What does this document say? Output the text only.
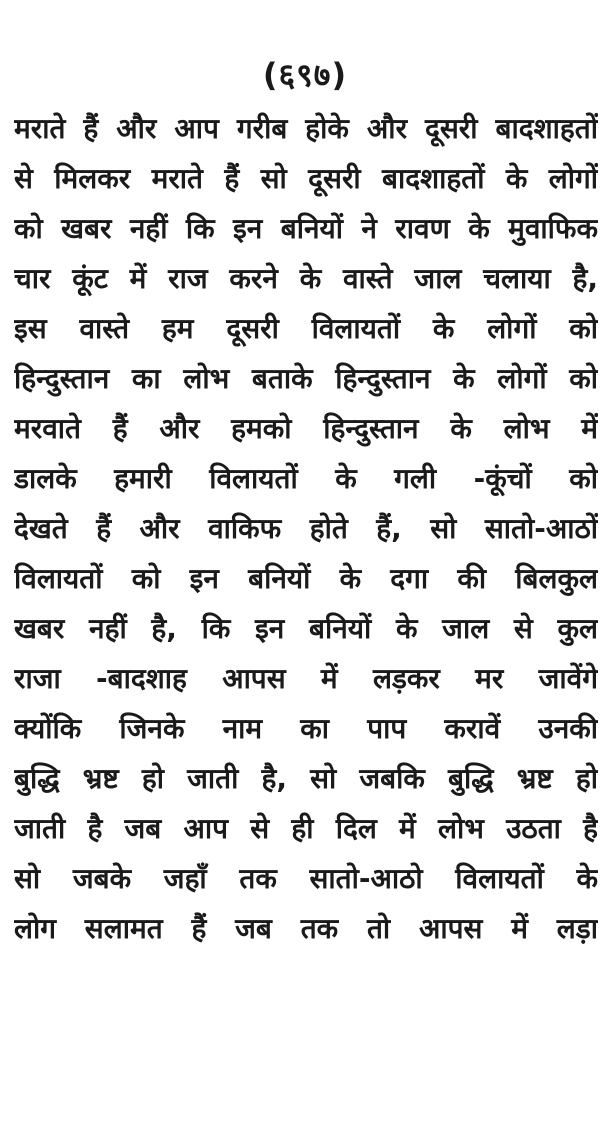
(६९७)
मराते हैं और आप गरीब होके और दूसरी बादशाहतों
से मिलकर मराते हैं सो दूसरी बादशाहतों के लोगों
को खबर नहीं कि इन बनियों ने रावण के मुवाफिक
चार कूंट में राज करने के वास्ते जाल चलाया है,
इस वास्ते हम दूसरी विलायतों के लोगों को
हिन्दुस्तान का लोभ बताके हिन्दुस्तान के लोगों को
मरवाते हैं और हमको हिन्दुस्तान के लोभ में
डालके हमारी विलायतों के गली -कूंचों को
देखते हैं और वाकिफ होते हैं, सो सातो-आठों
विलायतों को इन बनियों के दगा की बिलकुल
खबर नहीं है, कि इन बनियों के जाल से कुल
राजा -बादशाह आपस में लड़कर मर जावेंगे
क्योंकि जिनके नाम का पाप करावें उनकी
बुद्धि भ्रष्ट हो जाती है, सो जबकि बुद्धि भ्रष्ट हो
जाती है जब आप से ही दिल में लोभ उठता है
सो जबके जहाँ तक सातो-आठो विलायतों के
लोग सलामत हैं जब तक तो आपस में लड़ा
